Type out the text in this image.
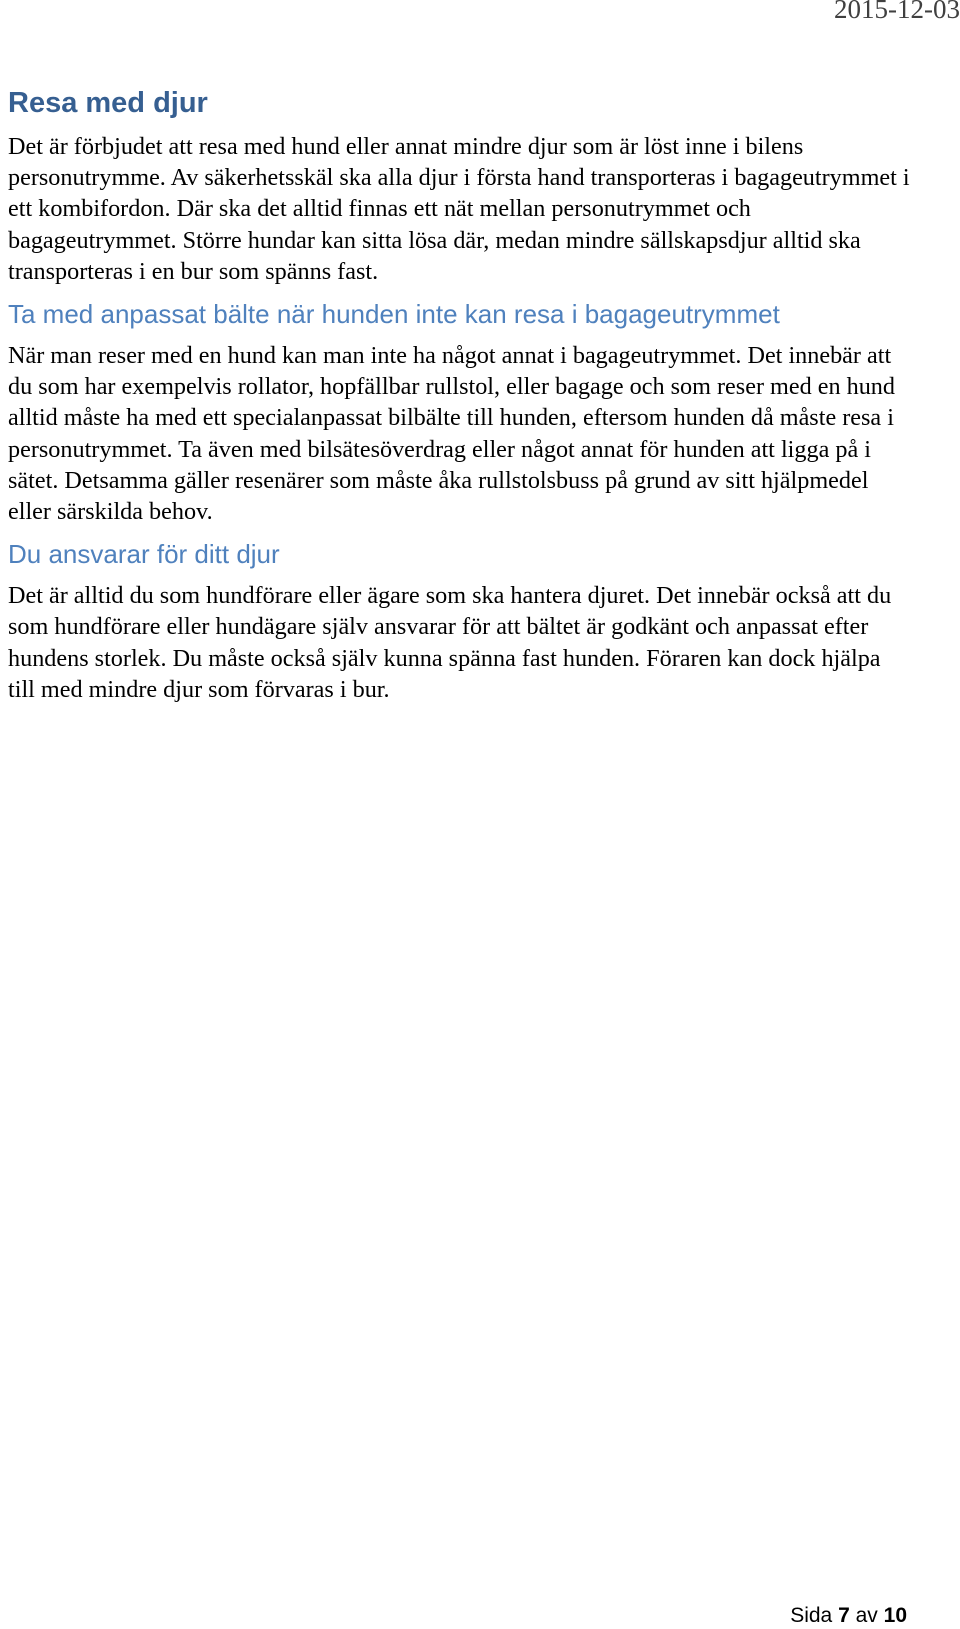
2015-12-03
Resa med djur

Det är förbjudet att resa med hund eller annat mindre djur som är löst inne i bilens personutrymme. Av säkerhetsskäl ska alla djur i första hand transporteras i bagageutrymmet i ett kombifordon. Där ska det alltid finnas ett nät mellan personutrymmet och bagageutrymmet. Större hundar kan sitta lösa där, medan mindre sällskapsdjur alltid ska transporteras i en bur som spänns fast.

Ta med anpassat bälte när hunden inte kan resa i bagageutrymmet

När man reser med en hund kan man inte ha något annat i bagageutrymmet. Det innebär att du som har exempelvis rollator, hopfällbar rullstol, eller bagage och som reser med en hund alltid måste ha med ett specialanpassat bilbälte till hunden, eftersom hunden då måste resa i personutrymmet. Ta även med bilsätesöverdrag eller något annat för hunden att ligga på i sätet. Detsamma gäller resenärer som måste åka rullstolsbuss på grund av sitt hjälpmedel eller särskilda behov.

Du ansvarar för ditt djur

Det är alltid du som hundförare eller ägare som ska hantera djuret. Det innebär också att du som hundförare eller hundägare själv ansvarar för att bältet är godkänt och anpassat efter hundens storlek. Du måste också själv kunna spänna fast hunden. Föraren kan dock hjälpa till med mindre djur som förvaras i bur.

Sida 7 av 10
